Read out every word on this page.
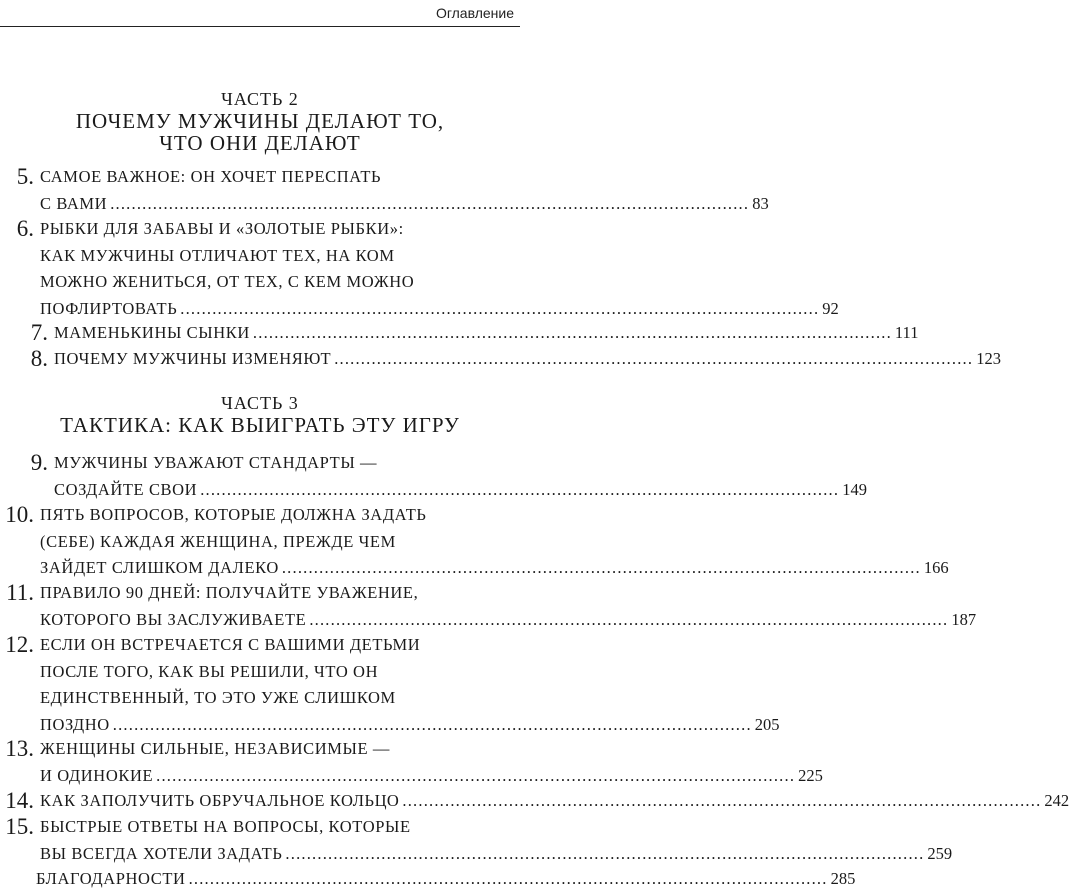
Оглавление
ЧАСТЬ 2
ПОЧЕМУ МУЖЧИНЫ ДЕЛАЮТ ТО,
ЧТО ОНИ ДЕЛАЮТ
ЧАСТЬ 3
ТАКТИКА: КАК ВЫИГРАТЬ ЭТУ ИГРУ
5. САМОЕ ВАЖНОЕ: ОН ХОЧЕТ ПЕРЕСПАТЬ
С ВАМИ ........................................................................................................................ 83
6. РЫБКИ ДЛЯ ЗАБАВЫ И «ЗОЛОТЫЕ РЫБКИ»:
КАК МУЖЧИНЫ ОТЛИЧАЮТ ТЕХ, НА КОМ
МОЖНО ЖЕНИТЬСЯ, ОТ ТЕХ, С КЕМ МОЖНО
ПОФЛИРТОВАТЬ ........................................................................................................................ 92
7. МАМЕНЬКИНЫ СЫНКИ ........................................................................................................................ 111
8. ПОЧЕМУ МУЖЧИНЫ ИЗМЕНЯЮТ ........................................................................................................................ 123
9. МУЖЧИНЫ УВАЖАЮТ СТАНДАРТЫ —
СОЗДАЙТЕ СВОИ ........................................................................................................................ 149
10. ПЯТЬ ВОПРОСОВ, КОТОРЫЕ ДОЛЖНА ЗАДАТЬ
(СЕБЕ) КАЖДАЯ ЖЕНЩИНА, ПРЕЖДЕ ЧЕМ
ЗАЙДЕТ СЛИШКОМ ДАЛЕКО ........................................................................................................................ 166
11. ПРАВИЛО 90 ДНЕЙ: ПОЛУЧАЙТЕ УВАЖЕНИЕ,
КОТОРОГО ВЫ ЗАСЛУЖИВАЕТЕ ........................................................................................................................ 187
12. ЕСЛИ ОН ВСТРЕЧАЕТСЯ С ВАШИМИ ДЕТЬМИ
ПОСЛЕ ТОГО, КАК ВЫ РЕШИЛИ, ЧТО ОН
ЕДИНСТВЕННЫЙ, ТО ЭТО УЖЕ СЛИШКОМ
ПОЗДНО ........................................................................................................................ 205
13. ЖЕНЩИНЫ СИЛЬНЫЕ, НЕЗАВИСИМЫЕ —
И ОДИНОКИЕ ........................................................................................................................ 225
14. КАК ЗАПОЛУЧИТЬ ОБРУЧАЛЬНОЕ КОЛЬЦО ........................................................................................................................ 242
15. БЫСТРЫЕ ОТВЕТЫ НА ВОПРОСЫ, КОТОРЫЕ
ВЫ ВСЕГДА ХОТЕЛИ ЗАДАТЬ ........................................................................................................................ 259
БЛАГОДАРНОСТИ ........................................................................................................................ 285
